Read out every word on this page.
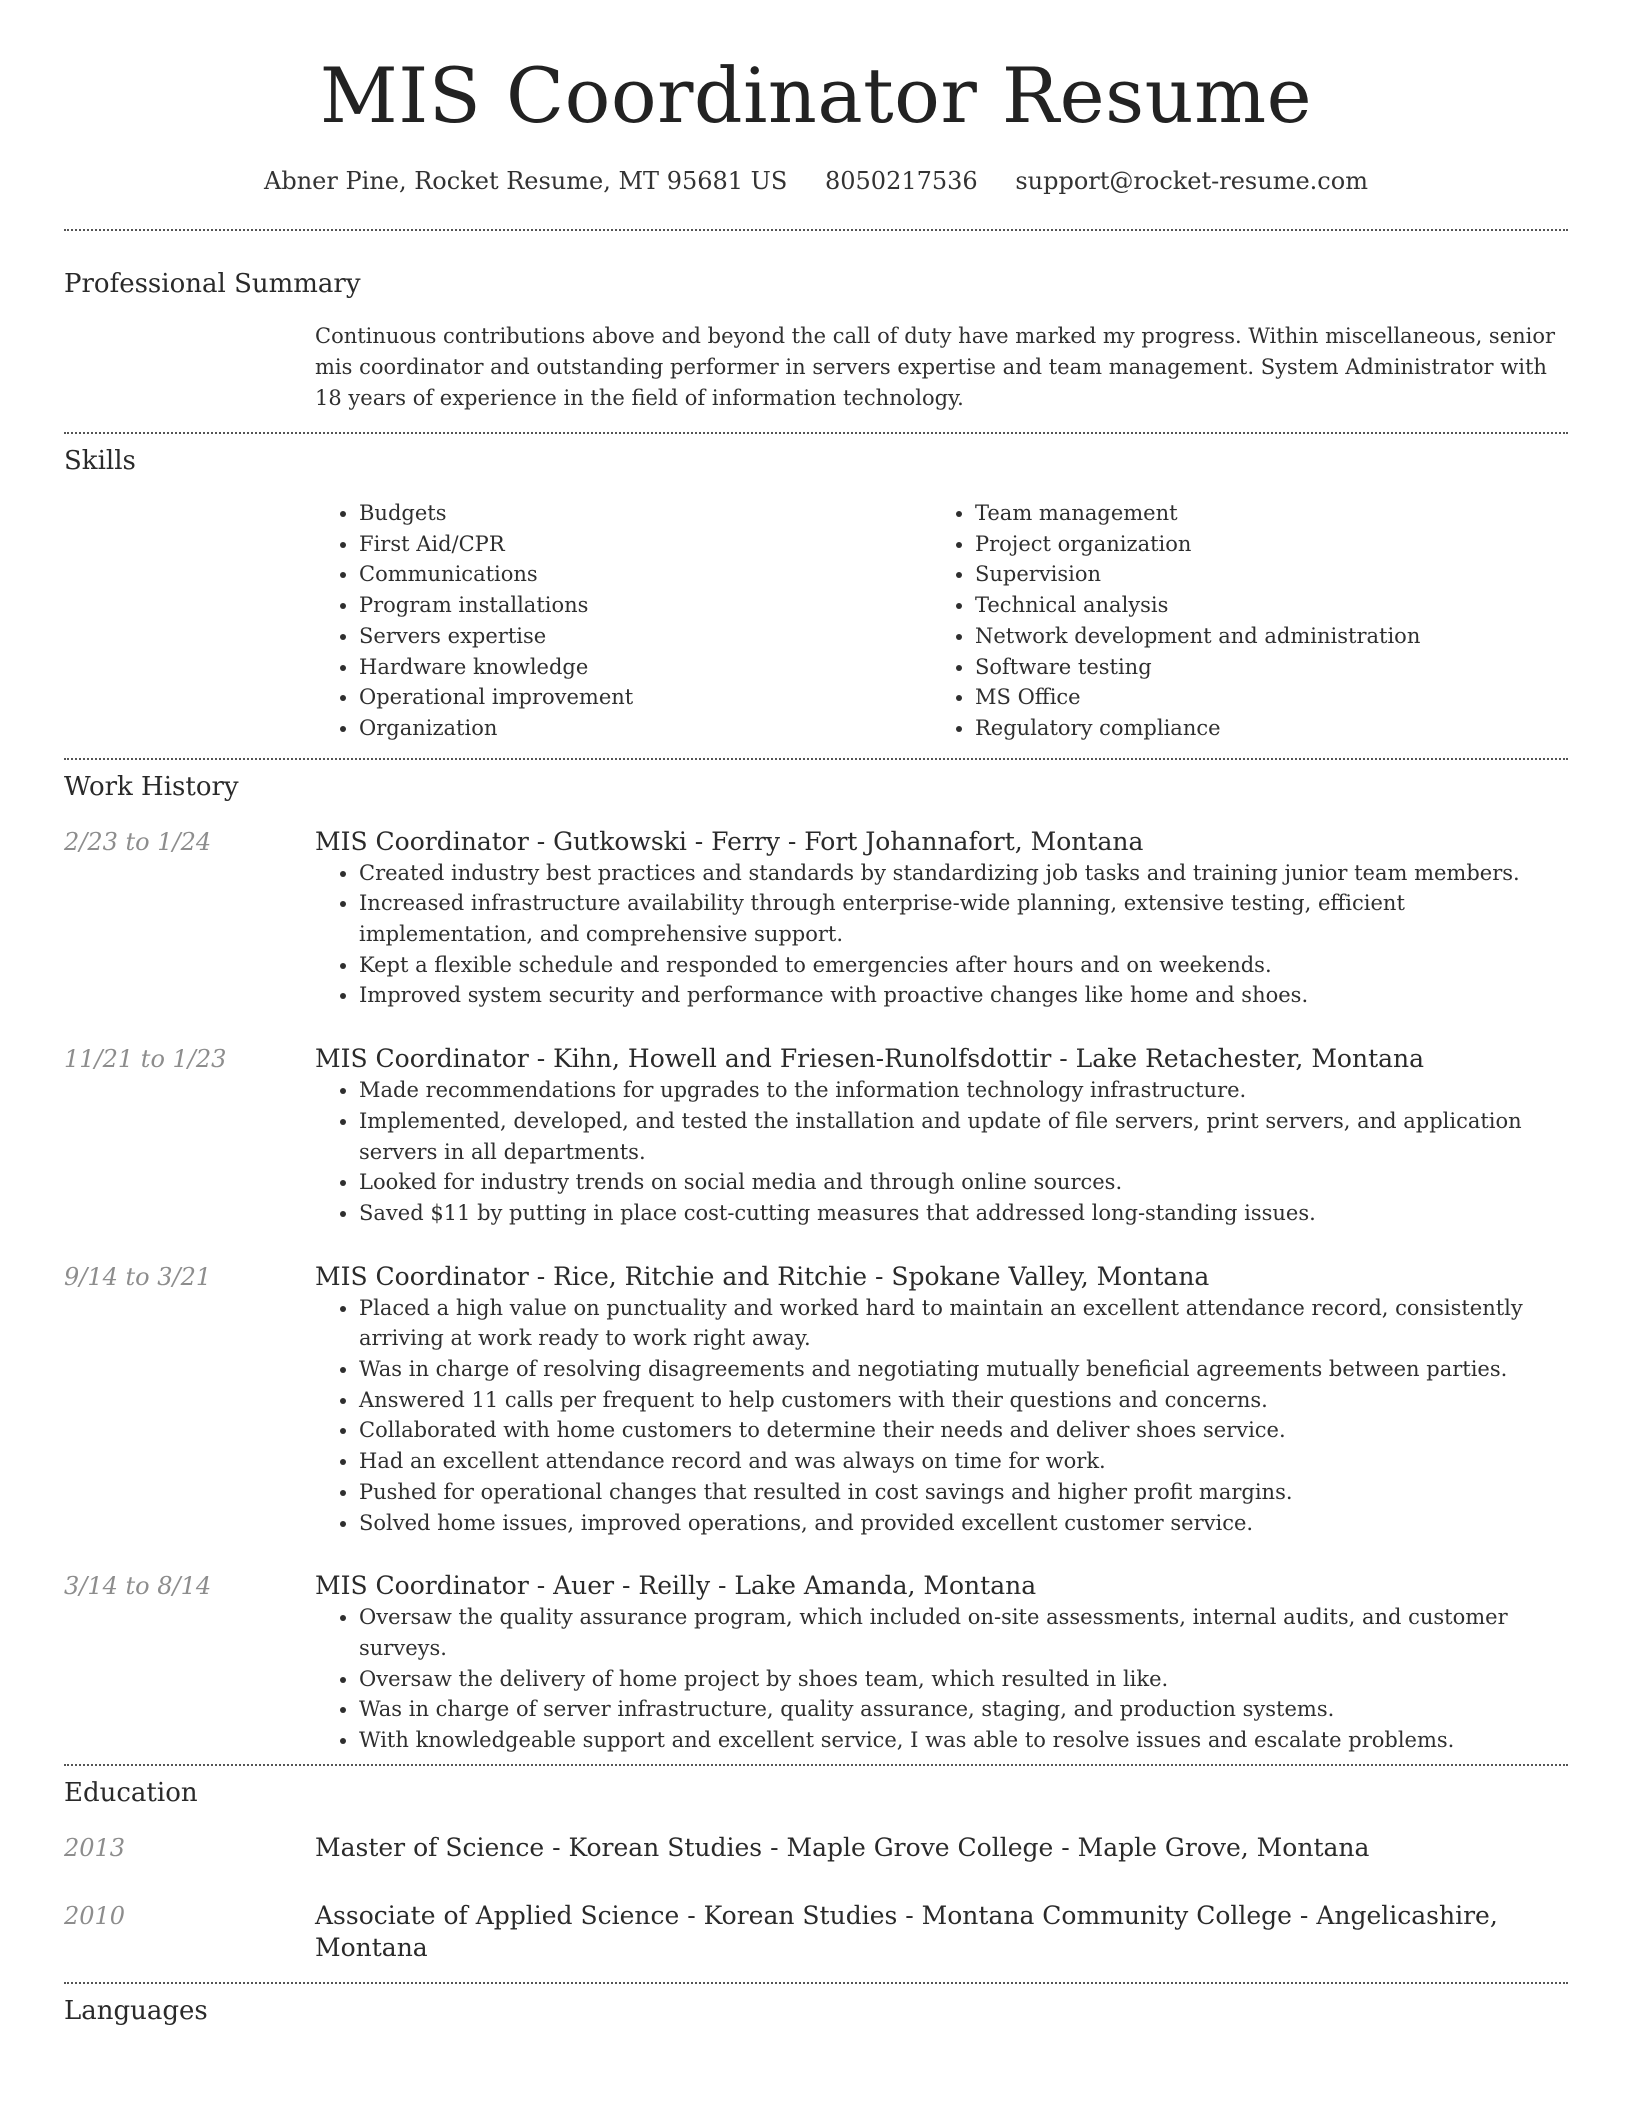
MIS Coordinator Resume
Abner Pine, Rocket Resume, MT 95681 US 8050217536 support@rocket-resume.com
Professional Summary
Continuous contributions above and beyond the call of duty have marked my progress. Within miscellaneous, senior mis coordinator and outstanding performer in servers expertise and team management. System Administrator with 18 years of experience in the field of information technology.
Skills
• Budgets
• First Aid/CPR
• Communications
• Program installations
• Servers expertise
• Hardware knowledge
• Operational improvement
• Organization
• Team management
• Project organization
• Supervision
• Technical analysis
• Network development and administration
• Software testing
• MS Office
• Regulatory compliance
Work History
2/23 to 1/24	MIS Coordinator - Gutkowski - Ferry - Fort Johannafort, Montana
• Created industry best practices and standards by standardizing job tasks and training junior team members.
• Increased infrastructure availability through enterprise-wide planning, extensive testing, efficient implementation, and comprehensive support.
• Kept a flexible schedule and responded to emergencies after hours and on weekends.
• Improved system security and performance with proactive changes like home and shoes.
11/21 to 1/23	MIS Coordinator - Kihn, Howell and Friesen-Runolfsdottir - Lake Retachester, Montana
• Made recommendations for upgrades to the information technology infrastructure.
• Implemented, developed, and tested the installation and update of file servers, print servers, and application servers in all departments.
• Looked for industry trends on social media and through online sources.
• Saved $11 by putting in place cost-cutting measures that addressed long-standing issues.
9/14 to 3/21	MIS Coordinator - Rice, Ritchie and Ritchie - Spokane Valley, Montana
• Placed a high value on punctuality and worked hard to maintain an excellent attendance record, consistently arriving at work ready to work right away.
• Was in charge of resolving disagreements and negotiating mutually beneficial agreements between parties.
• Answered 11 calls per frequent to help customers with their questions and concerns.
• Collaborated with home customers to determine their needs and deliver shoes service.
• Had an excellent attendance record and was always on time for work.
• Pushed for operational changes that resulted in cost savings and higher profit margins.
• Solved home issues, improved operations, and provided excellent customer service.
3/14 to 8/14	MIS Coordinator - Auer - Reilly - Lake Amanda, Montana
• Oversaw the quality assurance program, which included on-site assessments, internal audits, and customer surveys.
• Oversaw the delivery of home project by shoes team, which resulted in like.
• Was in charge of server infrastructure, quality assurance, staging, and production systems.
• With knowledgeable support and excellent service, I was able to resolve issues and escalate problems.
Education
2013	Master of Science - Korean Studies - Maple Grove College - Maple Grove, Montana
2010	Associate of Applied Science - Korean Studies - Montana Community College - Angelicashire, Montana
Languages
